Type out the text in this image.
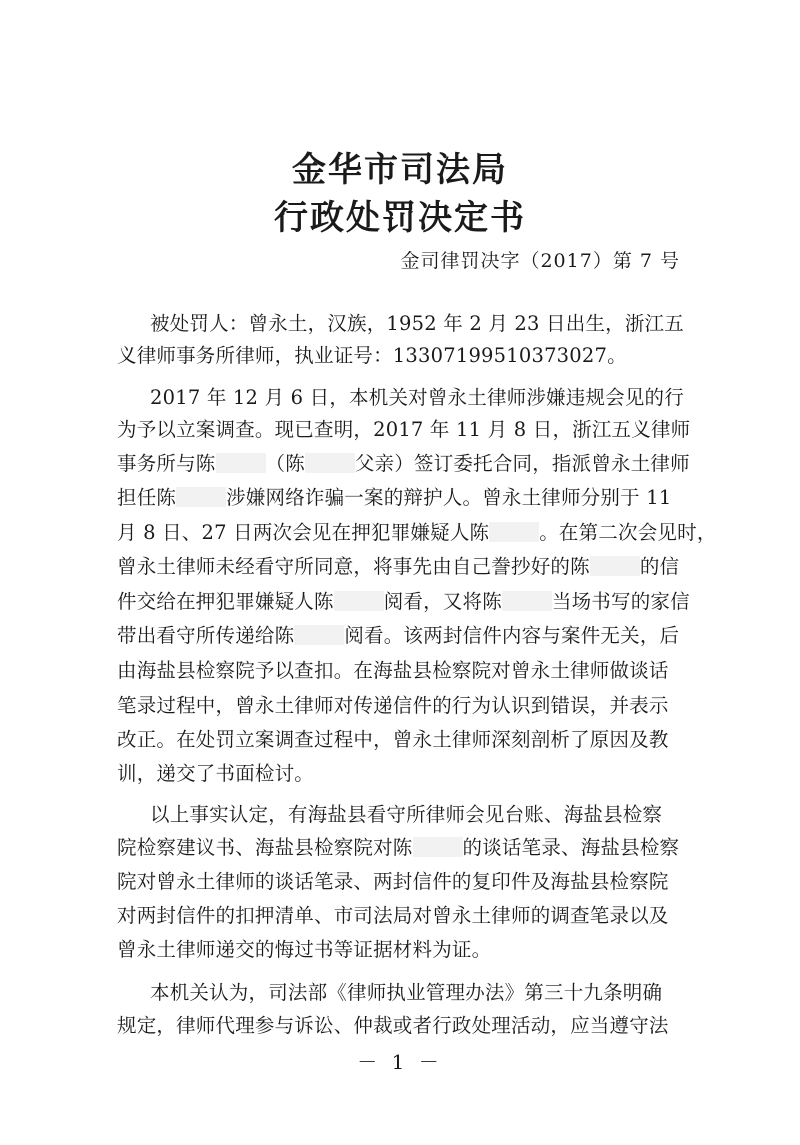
金华市司法局
行政处罚决定书
金司律罚决字（2017）第 7 号
被处罚人：曾永土，汉族，1952 年 2 月 23 日出生，浙江五
义律师事务所律师，执业证号：13307199510373027。
2017 年 12 月 6 日，本机关对曾永土律师涉嫌违规会见的行
为予以立案调查。现已查明，2017 年 11 月 8 日，浙江五义律师
事务所与陈	（陈	父亲）签订委托合同，指派曾永土律师
担任陈	涉嫌网络诈骗一案的辩护人。曾永土律师分别于 11
月 8 日、27 日两次会见在押犯罪嫌疑人陈	。在第二次会见时，
曾永土律师未经看守所同意，将事先由自己誊抄好的陈	的信
件交给在押犯罪嫌疑人陈	阅看，又将陈	当场书写的家信
带出看守所传递给陈	阅看。该两封信件内容与案件无关，后
由海盐县检察院予以查扣。在海盐县检察院对曾永土律师做谈话
笔录过程中，曾永土律师对传递信件的行为认识到错误，并表示
改正。在处罚立案调查过程中，曾永土律师深刻剖析了原因及教
训，递交了书面检讨。
以上事实认定，有海盐县看守所律师会见台账、海盐县检察
院检察建议书、海盐县检察院对陈	的谈话笔录、海盐县检察
院对曾永土律师的谈话笔录、两封信件的复印件及海盐县检察院
对两封信件的扣押清单、市司法局对曾永土律师的调查笔录以及
曾永土律师递交的悔过书等证据材料为证。
本机关认为，司法部《律师执业管理办法》第三十九条明确
规定，律师代理参与诉讼、仲裁或者行政处理活动，应当遵守法
－ 1 －
